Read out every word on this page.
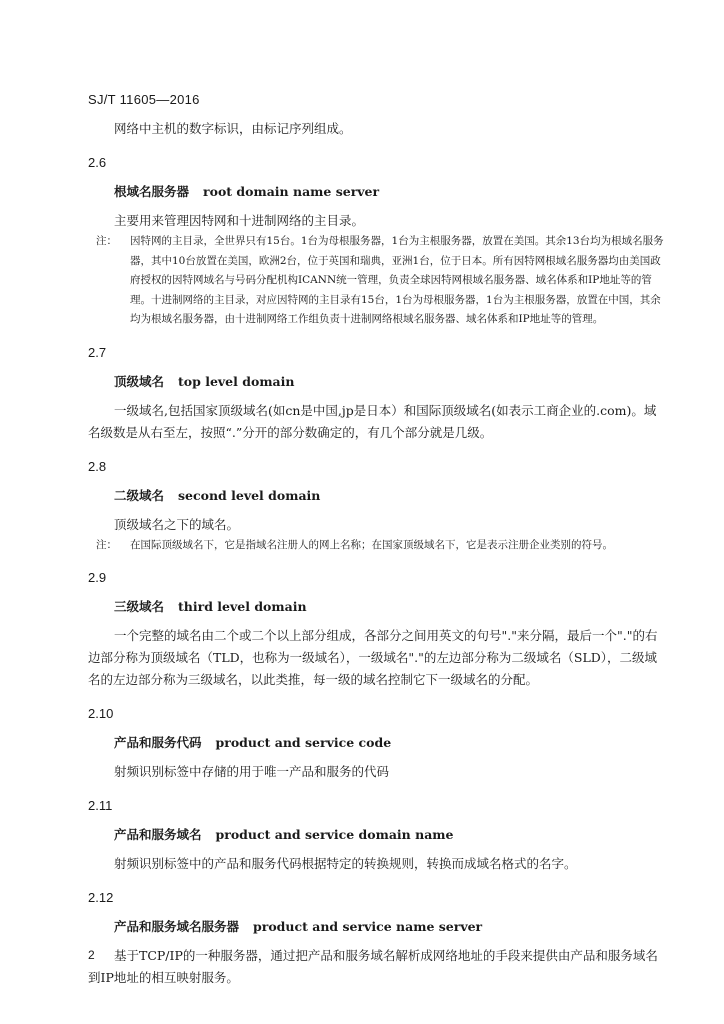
SJ/T 11605—2016

网络中主机的数字标识，由标记序列组成。

2.6
根域名服务器 root domain name server

主要用来管理因特网和十进制网络的主目录。

注：	因特网的主目录，全世界只有15台。1台为母根服务器，1台为主根服务器，放置在美国。其余13台均为根域名服务器，其中10台放置在美国，欧洲2台，位于英国和瑞典，亚洲1台，位于日本。所有因特网根域名服务器均由美国政府授权的因特网域名与号码分配机构ICANN统一管理，负责全球因特网根域名服务器、域名体系和IP地址等的管理。十进制网络的主目录，对应因特网的主目录有15台，1台为母根服务器，1台为主根服务器，放置在中国，其余均为根域名服务器，由十进制网络工作组负责十进制网络根域名服务器、域名体系和IP地址等的管理。
2.7
顶级域名 top level domain

一级域名,包括国家顶级域名(如cn是中国,jp是日本）和国际顶级域名(如表示工商企业的.com)。域名级数是从右至左，按照“.”分开的部分数确定的，有几个部分就是几级。

2.8
二级域名 second level domain

顶级域名之下的域名。

注：	在国际顶级域名下，它是指域名注册人的网上名称；在国家顶级域名下，它是表示注册企业类别的符号。
2.9
三级域名 third level domain

一个完整的域名由二个或二个以上部分组成，各部分之间用英文的句号"."来分隔，最后一个"."的右边部分称为顶级域名（TLD，也称为一级域名），一级域名"."的左边部分称为二级域名（SLD），二级域名的左边部分称为三级域名，以此类推，每一级的域名控制它下一级域名的分配。

2.10
产品和服务代码 product and service code

射频识别标签中存储的用于唯一产品和服务的代码

2.11
产品和服务域名 product and service domain name

射频识别标签中的产品和服务代码根据特定的转换规则，转换而成域名格式的名字。

2.12
产品和服务域名服务器 product and service name server

基于TCP/IP的一种服务器，通过把产品和服务域名解析成网络地址的手段来提供由产品和服务域名到IP地址的相互映射服务。

2
